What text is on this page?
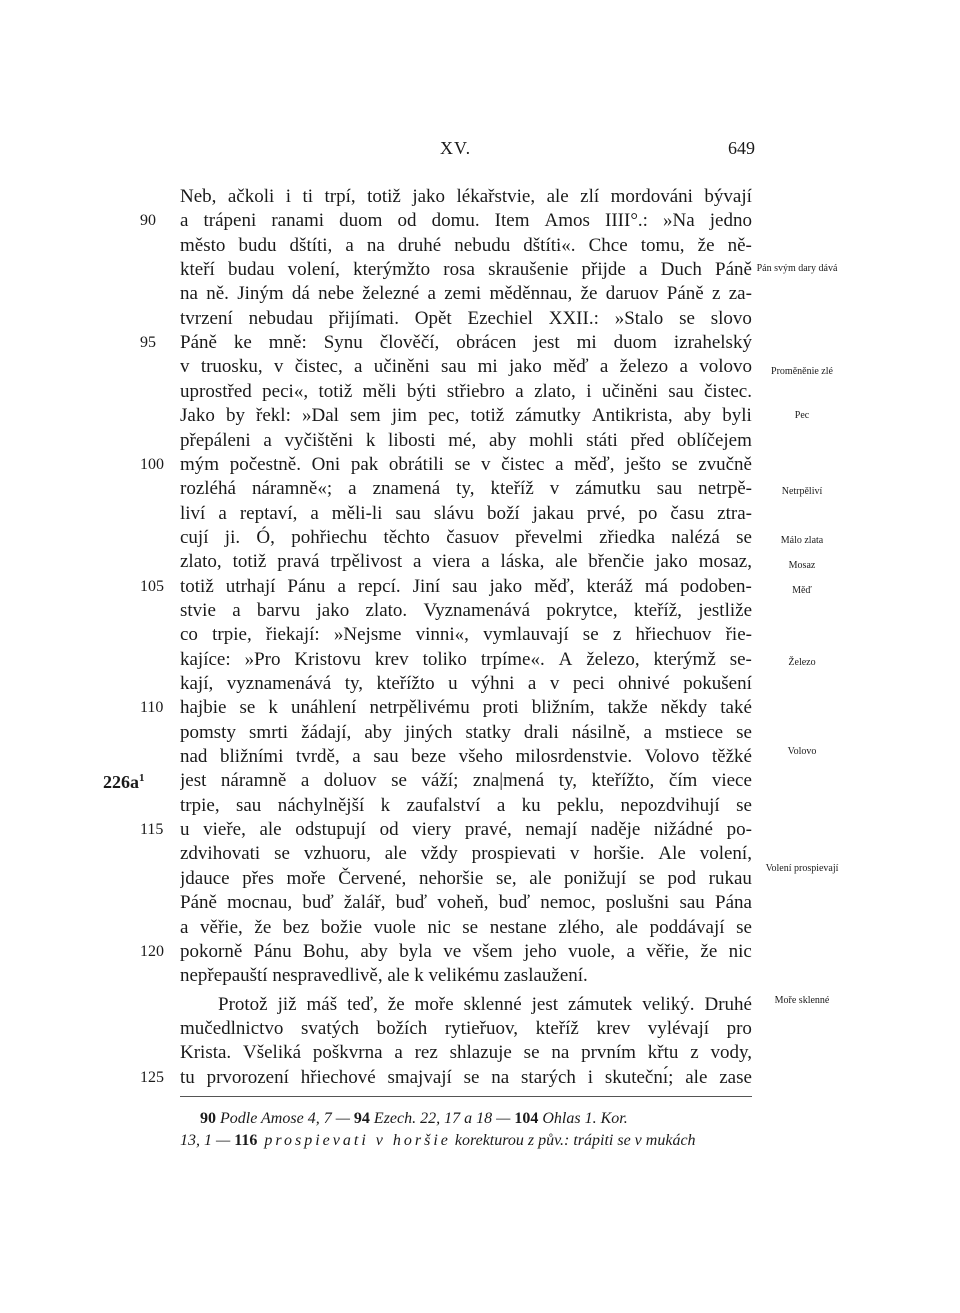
XV.	649
Neb, ačkoli i ti trpí, totiž jako lékařstvie, ale zlí mordováni bývají
a trápeni ranami duom od domu. Item Amos IIII°.: »Na jedno
90
město budu dštíti, a na druhé nebudu dštíti«. Chce tomu, že ně-
kteří budau volení, kterýmžto rosa skraušenie přijde a Duch Páně
na ně. Jiným dá nebe železné a zemi měděnnau, že daruov Páně z za-
tvrzení nebudau přijímati. Opět Ezechiel XXII.: »Stalo se slovo
Páně ke mně: Synu člověčí, obrácen jest mi duom izrahelský
95
v truosku, v čistec, a učiněni sau mi jako měď a železo a volovo
uprostřed peci«, totiž měli býti střiebro a zlato, i učiněni sau čistec.
Jako by řekl: »Dal sem jim pec, totiž zámutky Antikrista, aby byli
přepáleni a vyčištěni k libosti mé, aby mohli státi před oblíčejem
mým počestně. Oni pak obrátili se v čistec a měď, ješto se zvučně
100
rozléhá náramně«; a znamená ty, kteříž v zámutku sau netrpě-
liví a reptaví, a měli-li sau slávu boží jakau prvé, po času ztra-
cují ji. Ó, pohřiechu těchto časuov převelmi zřiedka nalézá se
zlato, totiž pravá trpělivost a viera a láska, ale břenčie jako mosaz,
totiž utrhají Pánu a repcí. Jiní sau jako měď, kteráž má podoben-
105
stvie a barvu jako zlato. Vyznamenává pokrytce, kteříž, jestliže
co trpie, řiekají: »Nejsme vinni«, vymlauvají se z hřiechuov řie-
kajíce: »Pro Kristovu krev toliko trpíme«. A železo, kterýmž se-
kají, vyznamenává ty, kteřížto u výhni a v peci ohnivé pokušení
hajbie se k unáhlení netrpělivému proti bližním, takže někdy také
110
pomsty smrti žádají, aby jiných statky drali násilně, a mstiece se
nad bližními tvrdě, a sau beze všeho milosrdenstvie. Volovo těžké
jest náramně a doluov se váží; zna|mená ty, kteřížto, čím viece
trpie, sau náchylnější k zaufalství a ku peklu, nepozdvihují se
u vieře, ale odstupují od viery pravé, nemají naděje nižádné po-
115
zdvihovati se vzhuoru, ale vždy prospievati v horšie. Ale volení,
jdauce přes moře Červené, nehoršie se, ale ponižují se pod rukau
Páně mocnau, buď žalář, buď voheň, buď nemoc, poslušni sau Pána
a věřie, že bez božie vuole nic se nestane zlého, ale poddávají se
pokorně Pánu Bohu, aby byla ve všem jeho vuole, a věřie, že nic
120
nepřepauští nespravedlivě, ale k velikému zaslaužení.
Protož již máš teď, že moře sklenné jest zámutek veliký. Druhé
mučedlnictvo svatých božích rytieřuov, kteříž krev vylévají pro
Krista. Všeliká poškvrna a rez shlazuje se na prvním křtu z vody,
tu prvorození hřiechové smajvají se na starých i skutečnı́; ale zase
125
$226a^1$
Pán svým dary dává
Proměněnie zlé
Pec
Netrpěliví
Málo zlata
Mosaz
Měď
Železo
Volovo
Volení prospievají
Moře sklenné
90 Podle Amose 4, 7 — 94 Ezech. 22, 17 a 18 — 104 Ohlas 1. Kor.
13, 1 — 116 prospievati v horšie korekturou z pův.: trápiti se v mukách
